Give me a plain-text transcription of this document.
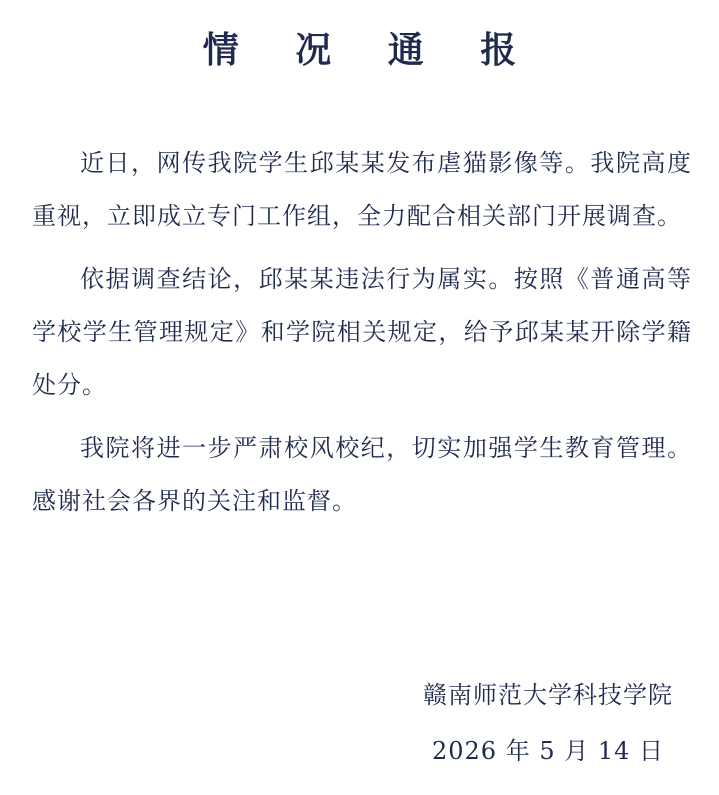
情 况 通 报

近日，网传我院学生邱某某发布虐猫影像等。我院高度重视，立即成立专门工作组，全力配合相关部门开展调查。

依据调查结论，邱某某违法行为属实。按照《普通高等学校学生管理规定》和学院相关规定，给予邱某某开除学籍处分。

我院将进一步严肃校风校纪，切实加强学生教育管理。感谢社会各界的关注和监督。

赣南师范大学科技学院
2026 年 5 月 14 日
